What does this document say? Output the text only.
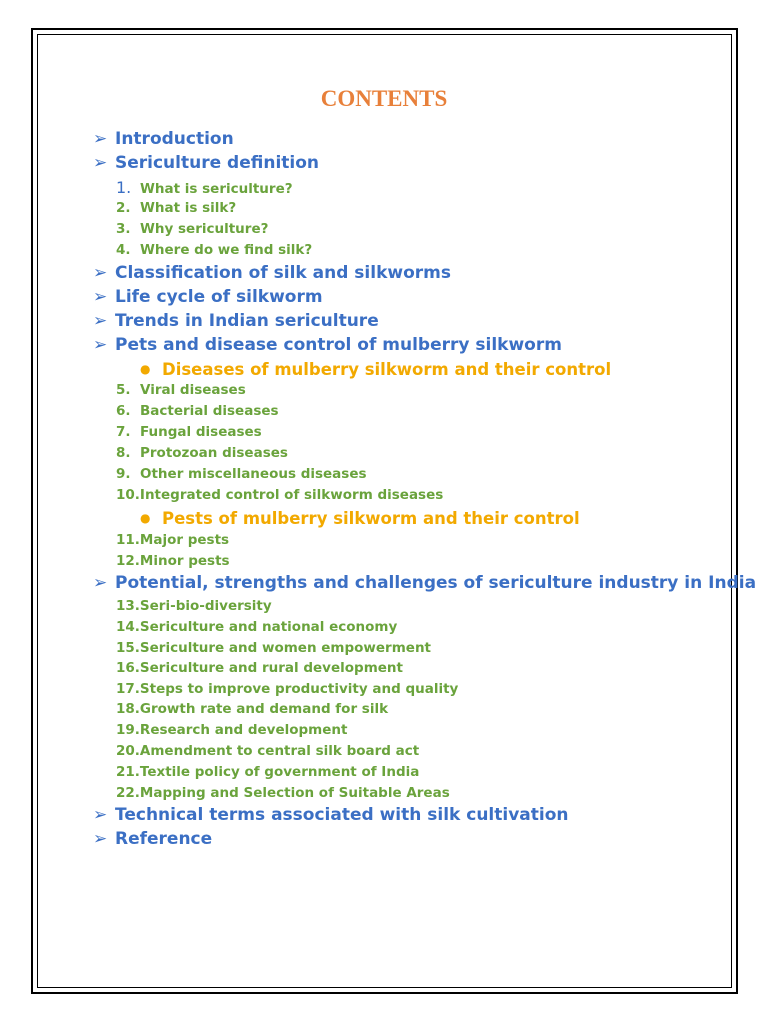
CONTENTS
➢ Introduction
➢ Sericulture definition
1. What is sericulture?
2. What is silk?
3. Why sericulture?
4. Where do we find silk?
➢ Classification of silk and silkworms
➢ Life cycle of silkworm
➢ Trends in Indian sericulture
➢ Pets and disease control of mulberry silkworm
● Diseases of mulberry silkworm and their control
5. Viral diseases
6. Bacterial diseases
7. Fungal diseases
8. Protozoan diseases
9. Other miscellaneous diseases
10.Integrated control of silkworm diseases
● Pests of mulberry silkworm and their control
11.Major pests
12.Minor pests
➢ Potential, strengths and challenges of sericulture industry in India
13.Seri-bio-diversity
14.Sericulture and national economy
15.Sericulture and women empowerment
16.Sericulture and rural development
17.Steps to improve productivity and quality
18.Growth rate and demand for silk
19.Research and development
20.Amendment to central silk board act
21.Textile policy of government of India
22.Mapping and Selection of Suitable Areas
➢ Technical terms associated with silk cultivation
➢ Reference
